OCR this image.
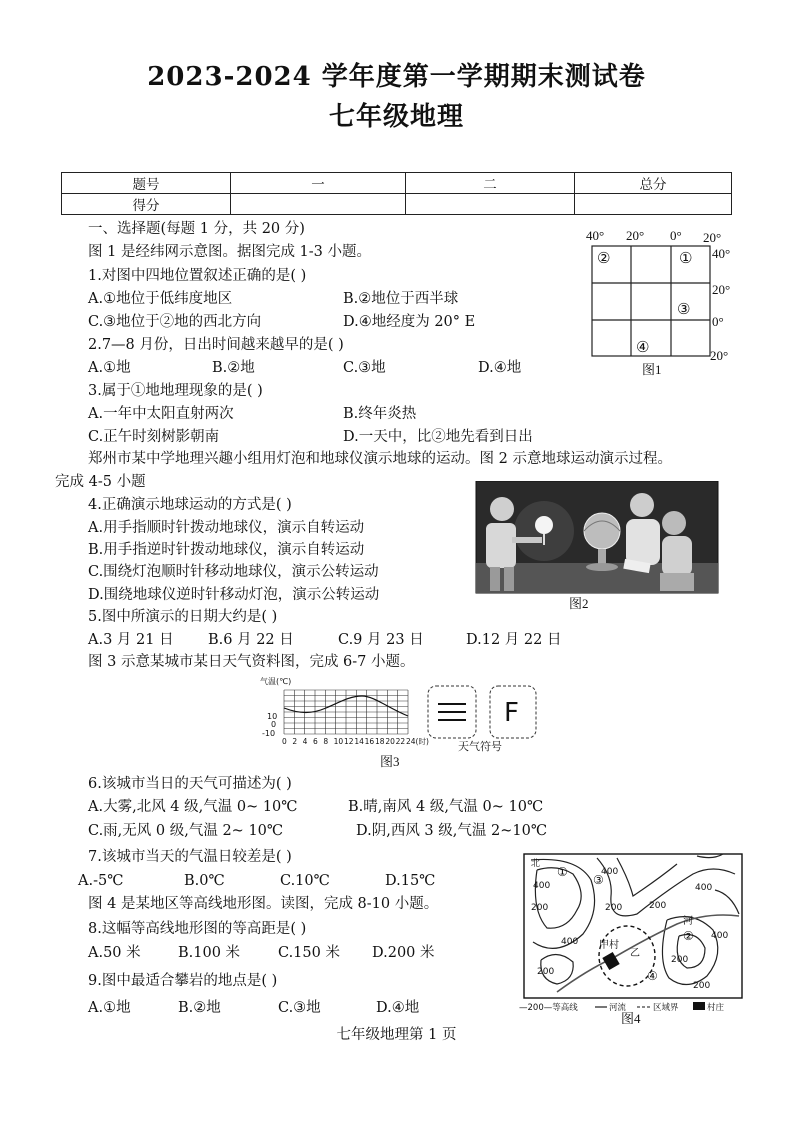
2023-2024 学年度第一学期期末测试卷
七年级地理
题号	一	二	总分
得分			
一、选择题(每题 1 分，共 20 分)
图 1 是经纬网示意图。据图完成 1-3 小题。
1.对图中四地位置叙述正确的是( )
A.①地位于低纬度地区	B.②地位于西半球
C.③地位于②地的西北方向	D.④地经度为 20° E
2.7—8 月份，日出时间越来越早的是( )
A.①地	B.②地	C.③地	D.④地
3.属于①地地理现象的是( )
A.一年中太阳直射两次	B.终年炎热
C.正午时刻树影朝南	D.一天中，比②地先看到日出
郑州市某中学地理兴趣小组用灯泡和地球仪演示地球的运动。图 2 示意地球运动演示过程。
完成 4-5 小题
4.正确演示地球运动的方式是( )
A.用手指顺时针拨动地球仪，演示自转运动
B.用手指逆时针拨动地球仪，演示自转运动
C.围绕灯泡顺时针移动地球仪，演示公转运动
D.围绕地球仪逆时针移动灯泡，演示公转运动
5.图中所演示的日期大约是( )
A.3 月 21 日 B.6 月 22 日	C.9 月 23 日	D.12 月 22 日
图 3 示意某城市某日天气资料图，完成 6-7 小题。
6.该城市当日的天气可描述为( )
A.大雾,北风 4 级,气温 0~ 10℃	B.晴,南风 4 级,气温 0~ 10℃
C.雨,无风 0 级,气温 2~ 10℃	D.阴,西风 3 级,气温 2~10℃
7.该城市当天的气温日较差是( )
A.-5℃	B.0℃	C.10℃	D.15℃
图 4 是某地区等高线地形图。读图，完成 8-10 小题。
8.这幅等高线地形图的等高距是( )
A.50 米	B.100 米	C.150 米 D.200 米
9.图中最适合攀岩的地点是( )
A.①地	B.②地	C.③地	D.④地
七年级地理第 1 页
40° 20° 0° 20°
40°
20°
0°
20°
②	①
③
④
图1
图2
气温(℃)
10
0
-10
0 2 4 6 8 10 12 14 16 18 20 22 24(时)
F
天气符号
图3
北
甲村
乙
河
①
②
③
④
400
200
400
200
200
400
200
400
200
400
200
—200—等高线	河流	区域界	村庄
图4
